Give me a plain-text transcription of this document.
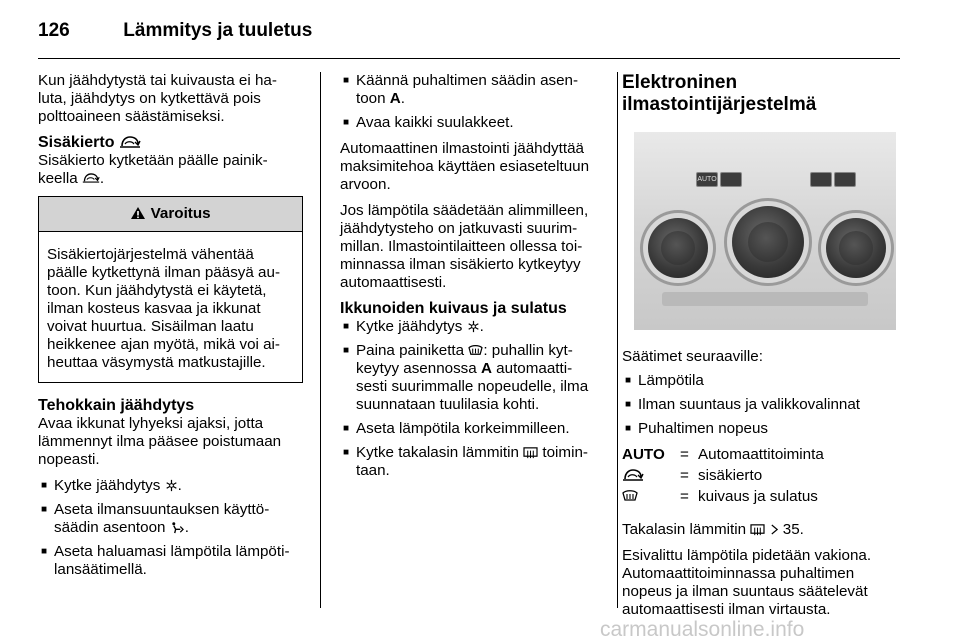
126	Lämmitys ja tuuletus

Kun jäähdytystä tai kuivausta ei ha- luta, jäähdytys on kytkettävä pois polttoaineen säästämiseksi.

Sisäkierto

Sisäkierto kytketään päälle painik- keella .

Varoitus
Sisäkiertojärjestelmä vähentää päälle kytkettynä ilman pääsyä au- toon. Kun jäähdytystä ei käytetä, ilman kosteus kasvaa ja ikkunat voivat huurtua. Sisäilman laatu heikkenee ajan myötä, mikä voi ai- heuttaa väsymystä matkustajille.
Tehokkain jäähdytys

Avaa ikkunat lyhyeksi ajaksi, jotta lämmennyt ilma pääsee poistumaan nopeasti.

■ Kytke jäähdytys .
■ Aseta ilmansuuntauksen käyttö- säädin asentoon .
■ Aseta haluamasi lämpötila lämpöti- lansäätimellä.
■ Käännä puhaltimen säädin asen- toon A.
■ Avaa kaikki suulakkeet.

Automaattinen ilmastointi jäähdyttää maksimitehoa käyttäen esiaseteltuun arvoon.

Jos lämpötila säädetään alimmilleen, jäähdytysteho on jatkuvasti suurim- millan. Ilmastointilaitteen ollessa toi- minnassa ilman sisäkierto kytkeytyy automaattisesti.

Ikkunoiden kuivaus ja sulatus
■ Kytke jäähdytys .
■ Paina painiketta : puhallin kyt- keytyy asennossa A automaatti- sesti suurimmalle nopeudelle, ilma suunnataan tuulilasia kohti.
■ Aseta lämpötila korkeimmilleen.
■ Kytke takalasin lämmitin toimin- taan.
Elektroninen ilmastointijärjestelmä
AUTO

Säätimet seuraaville:

■ Lämpötila
■ Ilman suuntaus ja valikkovalinnat
■ Puhaltimen nopeus
AUTO	=	Automaattitoiminta
	=	sisäkierto
	=	kuivaus ja sulatus

Takalasin lämmitin 35.

Esivalittu lämpötila pidetään vakiona. Automaattitoiminnassa puhaltimen nopeus ja ilman suuntaus säätelevät automaattisesti ilman virtausta.

carmanualsonline.info
